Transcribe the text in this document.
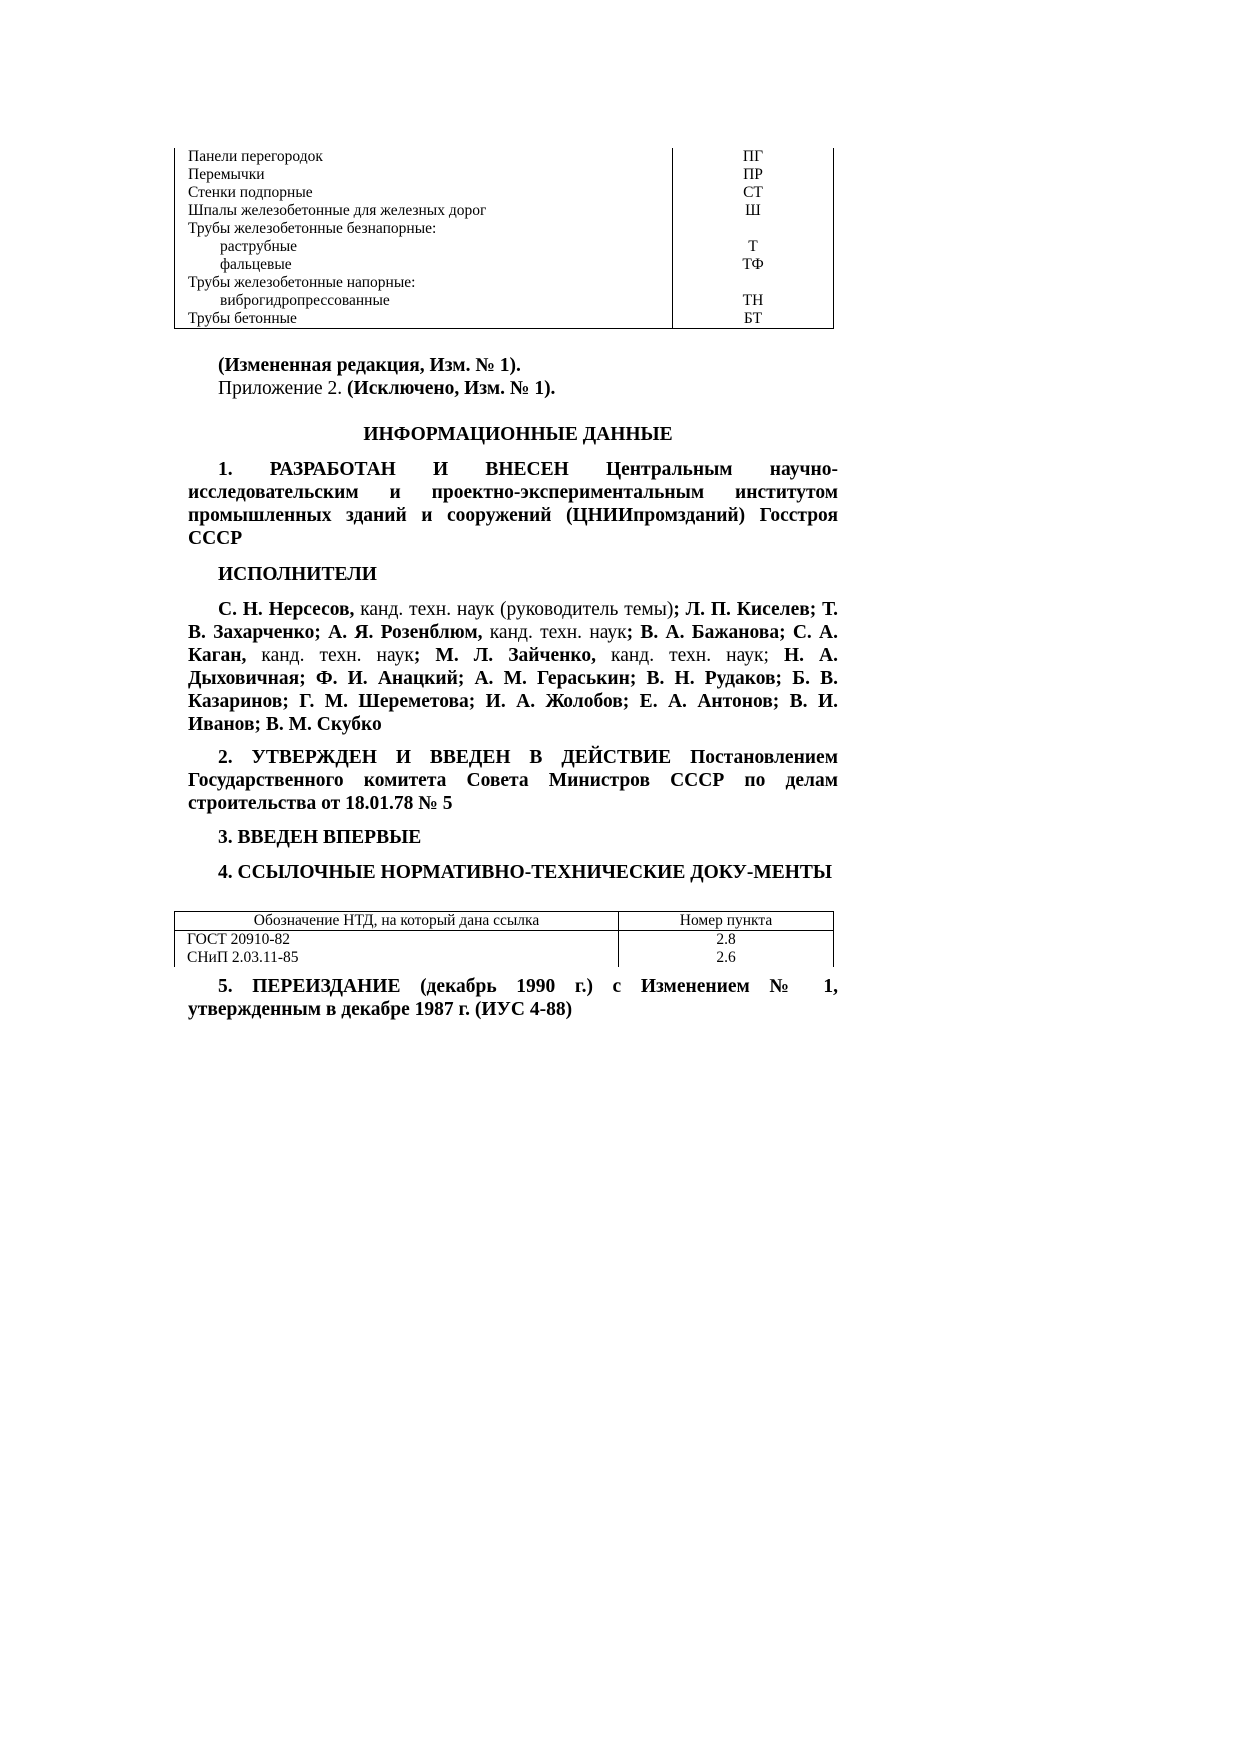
Панели перегородок	ПГ
Перемычки	ПР
Стенки подпорные	СТ
Шпалы железобетонные для железных дорог	Ш
Трубы железобетонные безнапорные:	
раструбные	Т
фальцевые	ТФ
Трубы железобетонные напорные:	
виброгидропрессованные	ТН
Трубы бетонные	БТ
(Измененная редакция, Изм. № 1).
Приложение 2. (Исключено, Изм. № 1).
ИНФОРМАЦИОННЫЕ ДАННЫЕ
1. РАЗРАБОТАН И ВНЕСЕН Центральным научно-исследовательским и проектно-экспериментальным институтом промышленных зданий и сооружений (ЦНИИпромзданий) Госстроя СССР
ИСПОЛНИТЕЛИ
С. Н. Нерсесов, канд. техн. наук (руководитель темы); Л. П. Киселев; Т. В. Захарченко; А. Я. Розенблюм, канд. техн. наук; В. А. Бажанова; С. А. Каган, канд. техн. наук; М. Л. Зайченко, канд. техн. наук; Н. А. Дыховичная; Ф. И. Анацкий; А. М. Гераськин; В. Н. Рудаков; Б. В. Казаринов; Г. М. Шереметова; И. А. Жолобов; Е. А. Антонов; В. И. Иванов; В. М. Скубко
2. УТВЕРЖДЕН И ВВЕДЕН В ДЕЙСТВИЕ Постановлением Государственного комитета Совета Министров СССР по делам строительства от 18.01.78 № 5
3. ВВЕДЕН ВПЕРВЫЕ
4. ССЫЛОЧНЫЕ НОРМАТИВНО-ТЕХНИЧЕСКИЕ ДОКУ-МЕНТЫ
Обозначение НТД, на который дана ссылка	Номер пункта
ГОСТ 20910-82	2.8
СНиП 2.03.11-85	2.6
5. ПЕРЕИЗДАНИЕ (декабрь 1990 г.) с Изменением № 1, утвержденным в декабре 1987 г. (ИУС 4-88)
